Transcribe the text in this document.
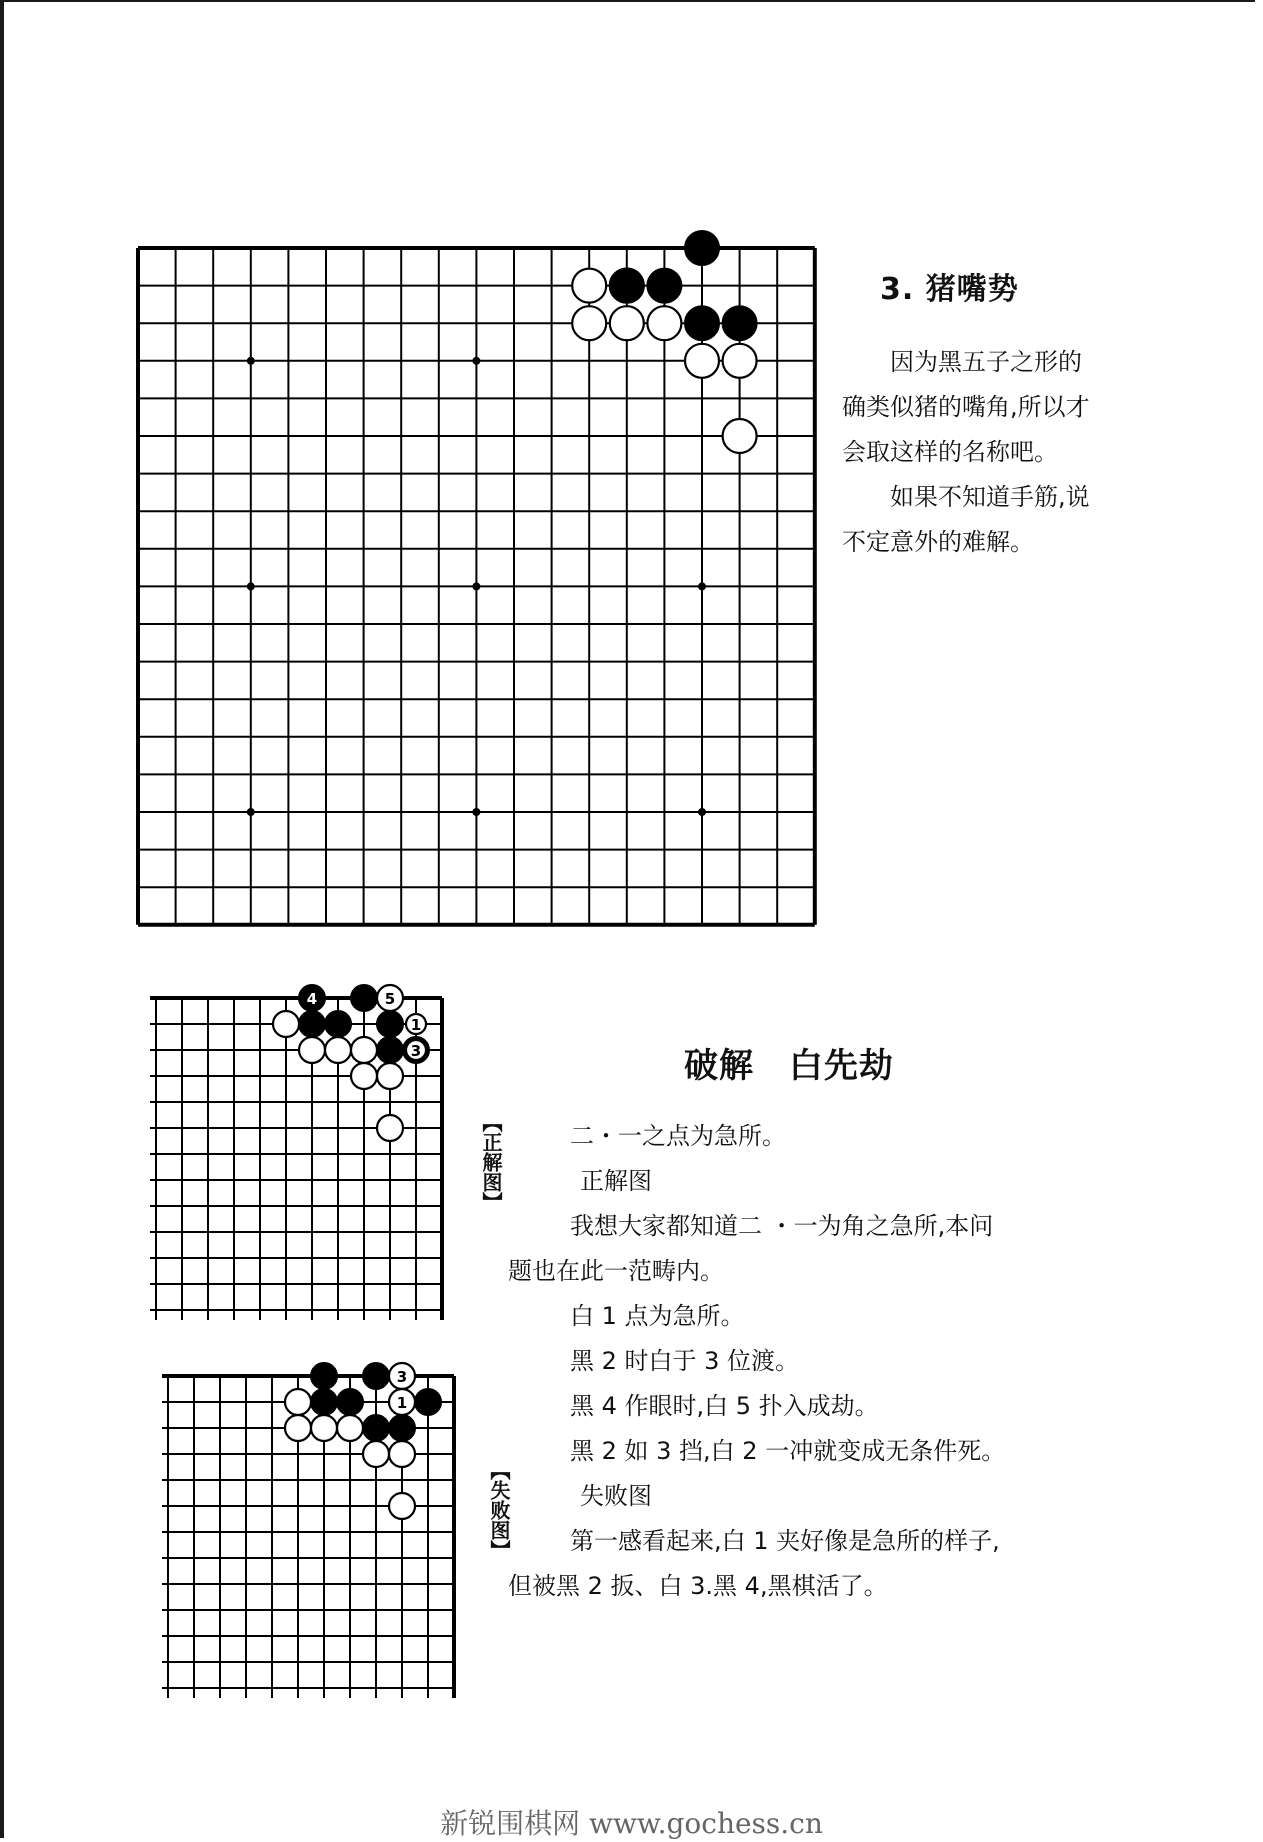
3. 猪嘴势

因为黑五子之形的确类似猪的嘴角,所以才会取这样的名称吧。

如果不知道手筋,说不定意外的难解。

4	5
1
3
【正解图】
3
1
【失败图】
破解 白先劫

二・一之点为急所。

正解图

我想大家都知道二 ・一为角之急所,本问

题也在此一范畴内。

白 1 点为急所。

黑 2 时白于 3 位渡。

黑 4 作眼时,白 5 扑入成劫。

黑 2 如 3 挡,白 2 一冲就变成无条件死。

失败图

第一感看起来,白 1 夹好像是急所的样子,

但被黑 2 扳、白 3.黑 4,黑棋活了。

新锐围棋网 www.gochess.cn
